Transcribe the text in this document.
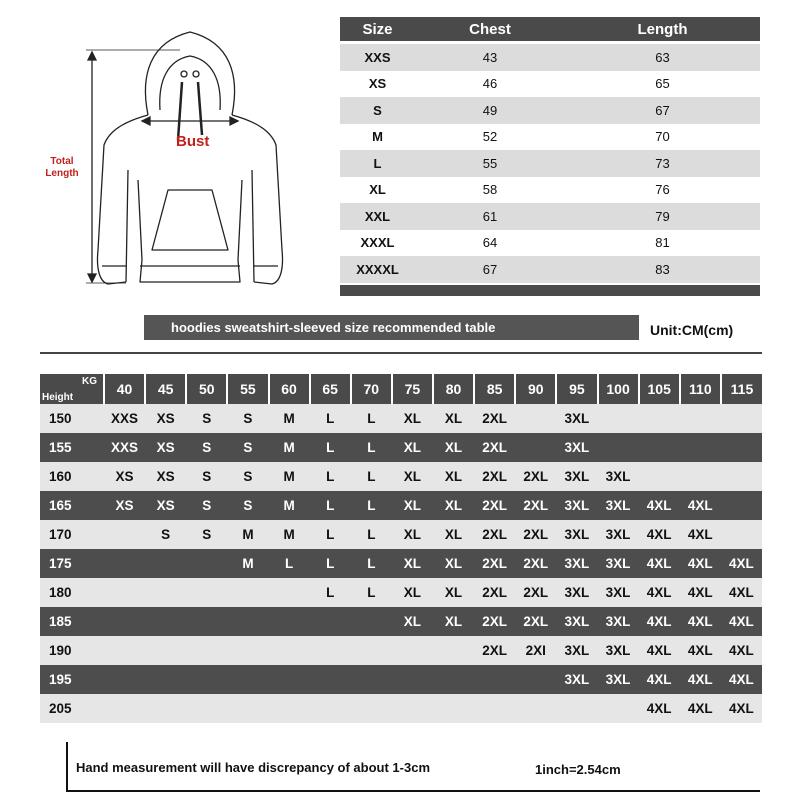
Total Length
Bust
Size	Chest	Length
XXS	43	63
XS	46	65
S	49	67
M	52	70
L	55	73
XL	58	76
XXL	61	79
XXXL	64	81
XXXXL	67	83
hoodies sweatshirt-sleeved size recommended table	Unit:CM(cm)
KG
Height	40	45	50	55	60	65	70	75	80	85	90	95	100	105	110	115
150	XXS	XS	S	S	M	L	L	XL	XL	2XL		3XL				
155	XXS	XS	S	S	M	L	L	XL	XL	2XL		3XL				
160	XS	XS	S	S	M	L	L	XL	XL	2XL	2XL	3XL	3XL			
165	XS	XS	S	S	M	L	L	XL	XL	2XL	2XL	3XL	3XL	4XL	4XL	
170		S	S	M	M	L	L	XL	XL	2XL	2XL	3XL	3XL	4XL	4XL	
175				M	L	L	L	XL	XL	2XL	2XL	3XL	3XL	4XL	4XL	4XL
180						L	L	XL	XL	2XL	2XL	3XL	3XL	4XL	4XL	4XL
185								XL	XL	2XL	2XL	3XL	3XL	4XL	4XL	4XL
190										2XL	2XI	3XL	3XL	4XL	4XL	4XL
195												3XL	3XL	4XL	4XL	4XL
205														4XL	4XL	4XL
Hand measurement will have discrepancy of about 1-3cm	1inch=2.54cm
